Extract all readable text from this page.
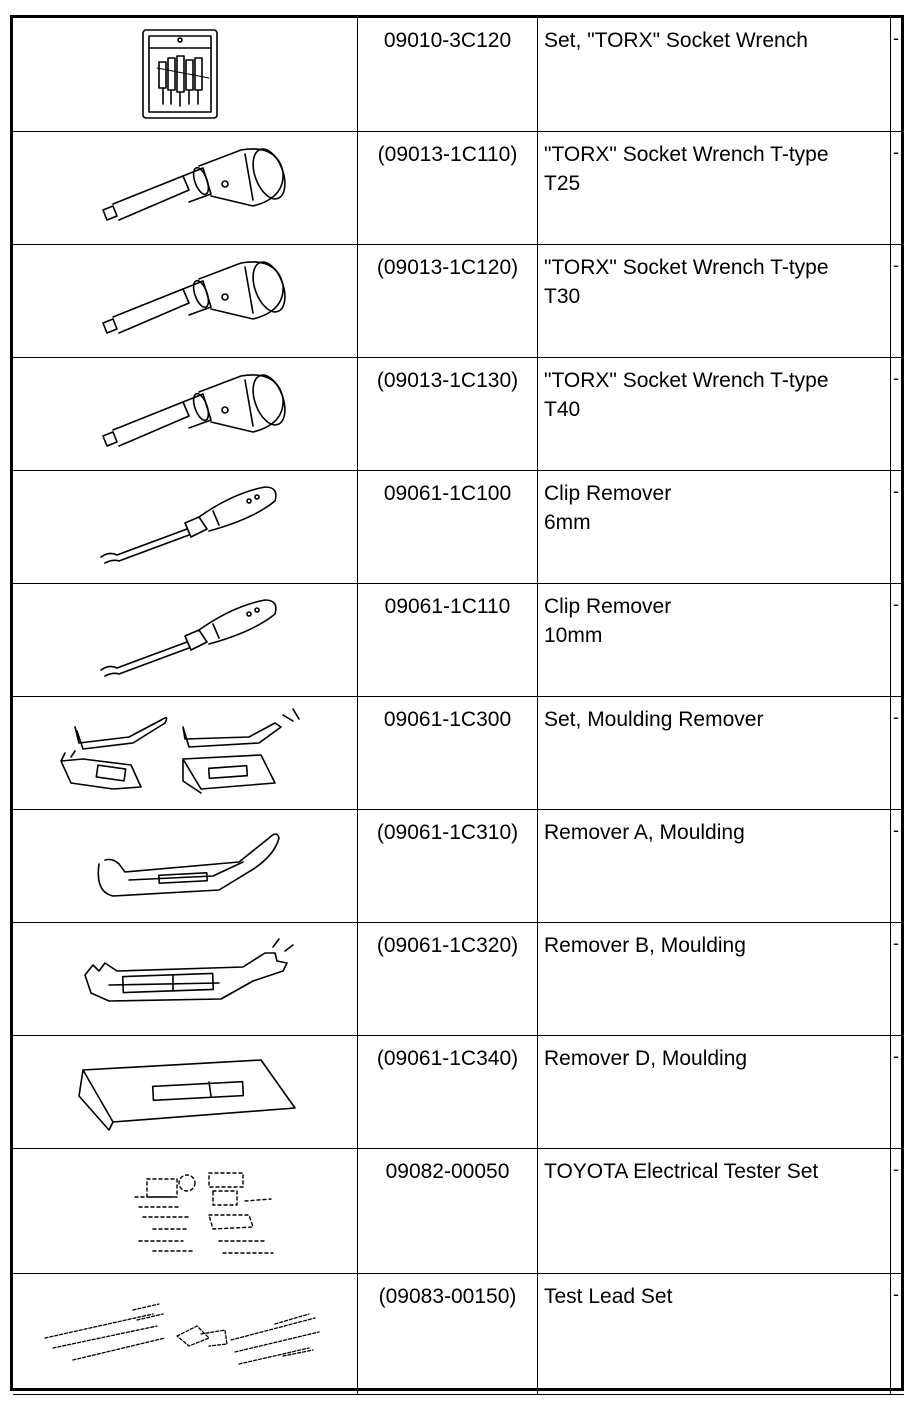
09010-3C120	Set, "TORX" Socket Wrench	-

(09013-1C110)	"TORX" Socket Wrench T-type
T25	-

(09013-1C120)	"TORX" Socket Wrench T-type
T30	-

(09013-1C130)	"TORX" Socket Wrench T-type
T40	-

09061-1C100	Clip Remover
6mm	-

09061-1C110	Clip Remover
10mm	-

09061-1C300	Set, Moulding Remover	-

(09061-1C310)	Remover A, Moulding	-

(09061-1C320)	Remover B, Moulding	-

(09061-1C340)	Remover D, Moulding	-

09082-00050	TOYOTA Electrical Tester Set	-

(09083-00150)	Test Lead Set	-
